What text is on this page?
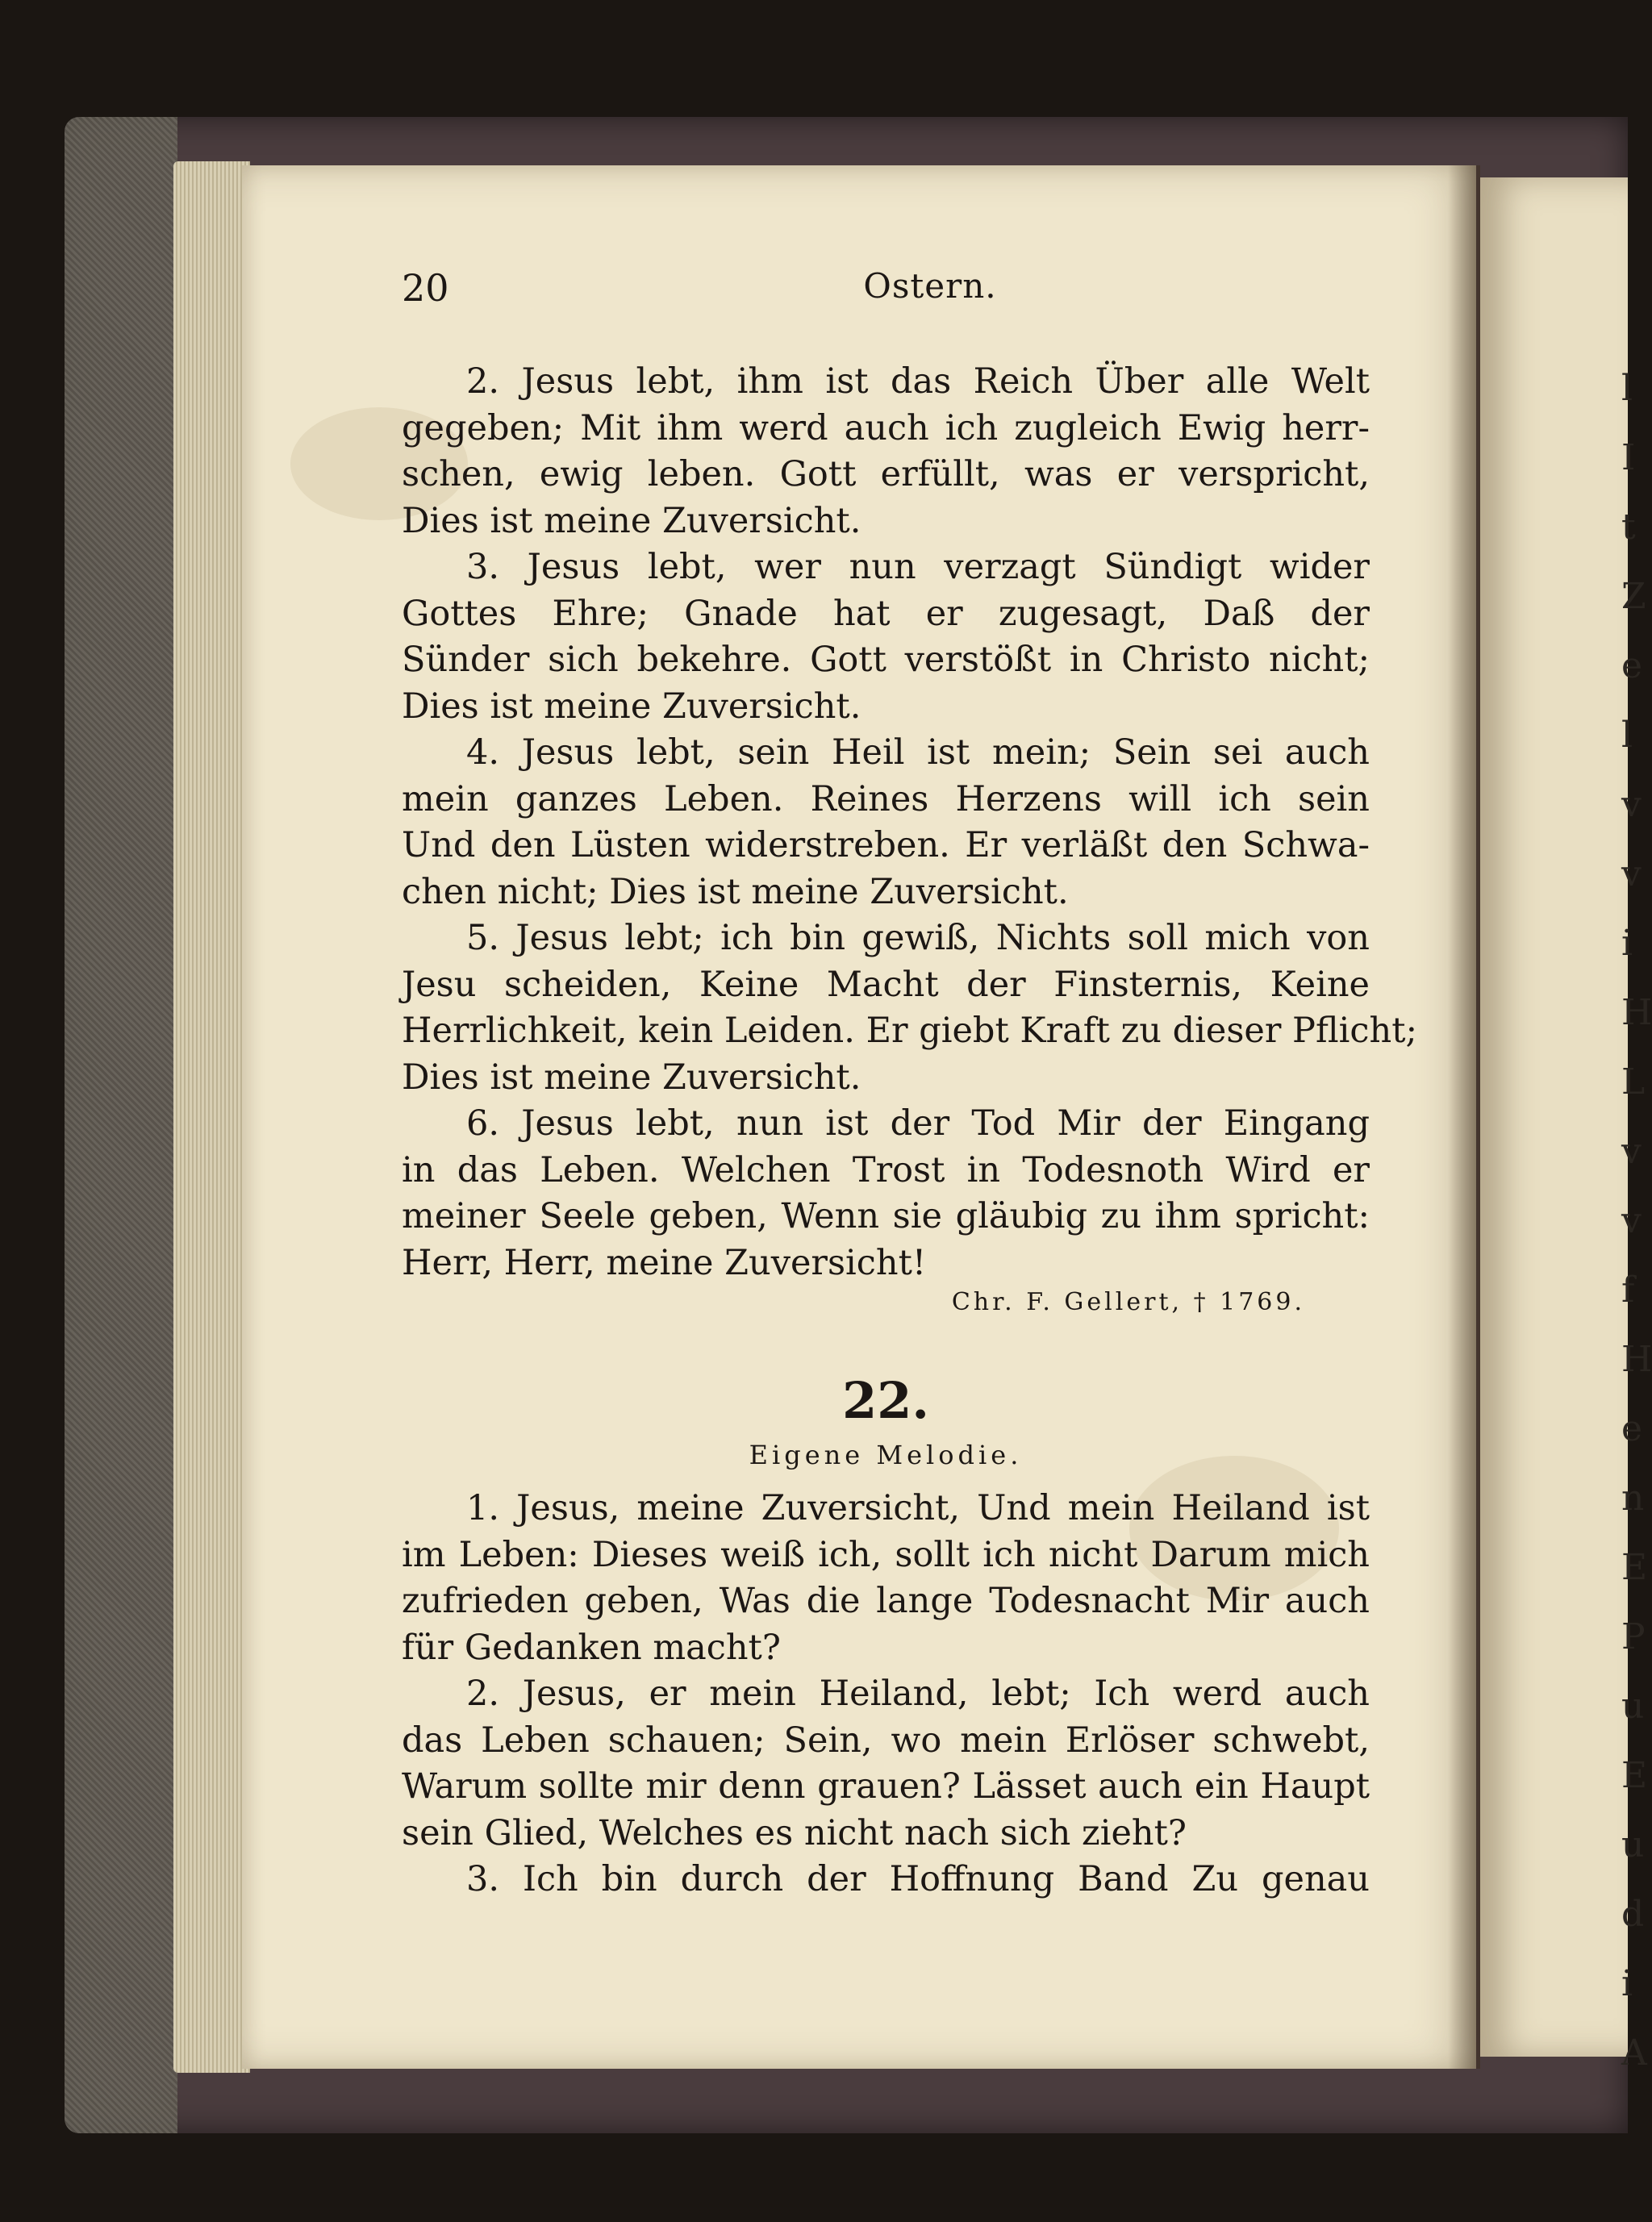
l
I
t
Z
e
l
v
v
i
H
L
v
v
f
H
e
n
E
P
u
E
u
d
i
A
20	Ostern.
2. Jesus lebt, ihm ist das Reich Über alle Welt
gegeben; Mit ihm werd auch ich zugleich Ewig herr-
schen, ewig leben. Gott erfüllt, was er verspricht,
Dies ist meine Zuversicht.
3. Jesus lebt, wer nun verzagt Sündigt wider
Gottes Ehre; Gnade hat er zugesagt, Daß der
Sünder sich bekehre. Gott verstößt in Christo nicht;
Dies ist meine Zuversicht.
4. Jesus lebt, sein Heil ist mein; Sein sei auch
mein ganzes Leben. Reines Herzens will ich sein
Und den Lüsten widerstreben. Er verläßt den Schwa-
chen nicht; Dies ist meine Zuversicht.
5. Jesus lebt; ich bin gewiß, Nichts soll mich von
Jesu scheiden, Keine Macht der Finsternis, Keine
Herrlichkeit, kein Leiden. Er giebt Kraft zu dieser Pflicht;
Dies ist meine Zuversicht.
6. Jesus lebt, nun ist der Tod Mir der Eingang
in das Leben. Welchen Trost in Todesnoth Wird er
meiner Seele geben, Wenn sie gläubig zu ihm spricht:
Herr, Herr, meine Zuversicht!
Chr. F. Gellert, † 1769.
22.
Eigene Melodie.
1. Jesus, meine Zuversicht, Und mein Heiland ist
im Leben: Dieses weiß ich, sollt ich nicht Darum mich
zufrieden geben, Was die lange Todesnacht Mir auch
für Gedanken macht?
2. Jesus, er mein Heiland, lebt; Ich werd auch
das Leben schauen; Sein, wo mein Erlöser schwebt,
Warum sollte mir denn grauen? Lässet auch ein Haupt
sein Glied, Welches es nicht nach sich zieht?
3. Ich bin durch der Hoffnung Band Zu genau
